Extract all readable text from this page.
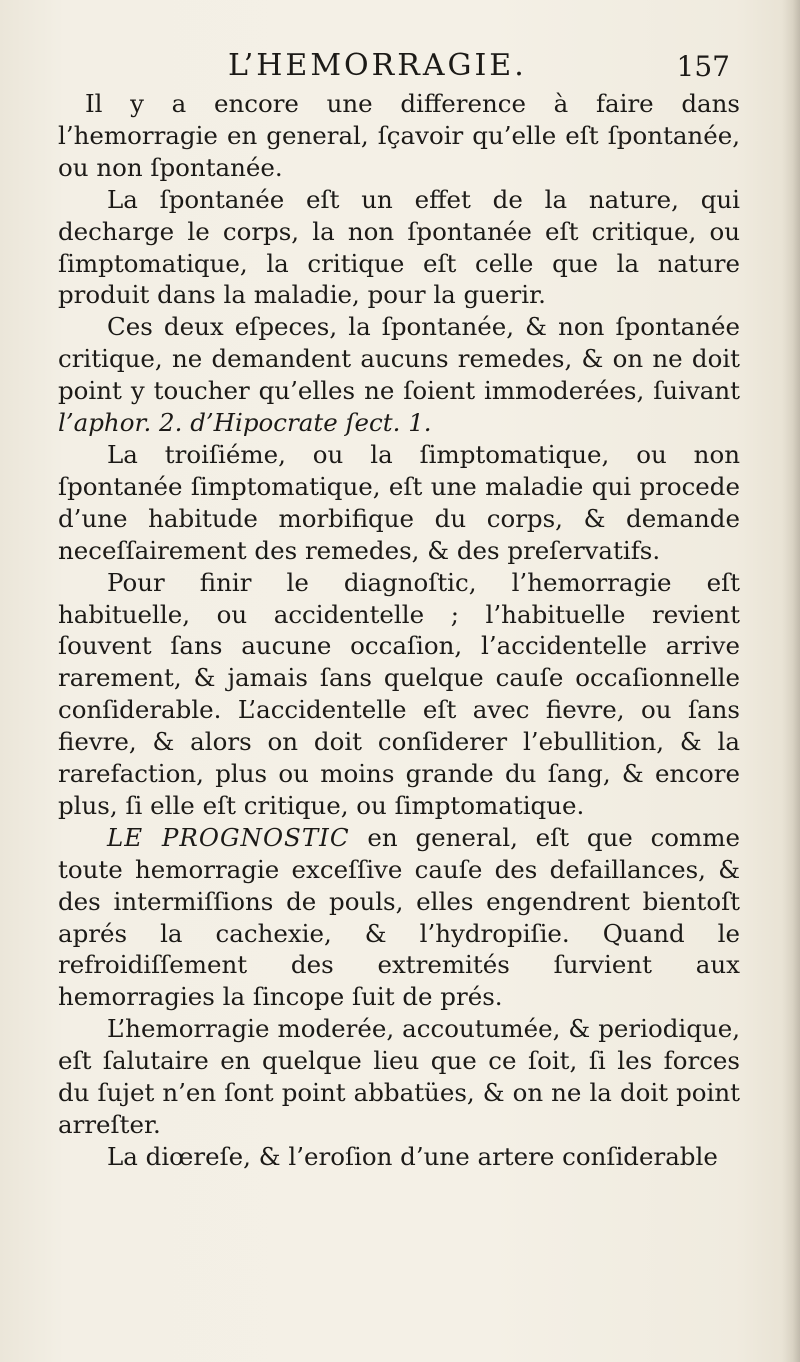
L’HEMORRAGIE.	157

Il y a encore une difference à faire dans l’hemorragie en general, ſçavoir qu’elle eſt ſpontanée, ou non ſpontanée.

La ſpontanée eſt un effet de la nature, qui decharge le corps, la non ſpontanée eſt critique, ou ſimptomatique, la critique eſt celle que la nature produit dans la maladie, pour la guerir.

Ces deux eſpeces, la ſpontanée, & non ſpontanée critique, ne demandent aucuns remedes, & on ne doit point y toucher qu’elles ne ſoient immoderées, ſuivant l’aphor. 2. d’Hipocrate ſect. 1.

La troiſiéme, ou la ſimptomatique, ou non ſpontanée ſimptomatique, eſt une maladie qui procede d’une habitude morbifique du corps, & demande neceſſairement des remedes, & des preſervatifs.

Pour finir le diagnoſtic, l’hemorragie eſt habituelle, ou accidentelle ; l’habituelle revient ſouvent ſans aucune occaſion, l’accidentelle arrive rarement, & jamais ſans quelque cauſe occaſionnelle conſiderable. L’accidentelle eſt avec fievre, ou ſans fievre, & alors on doit conſiderer l’ebullition, & la rarefaction, plus ou moins grande du ſang, & encore plus, ſi elle eſt critique, ou ſimptomatique.

LE PROGNOSTIC en general, eſt que comme toute hemorragie exceſſive cauſe des defaillances, & des intermiſſions de pouls, elles engendrent bientoſt aprés la cachexie, & l’hydropiſie. Quand le refroidiſſement des extremités ſurvient aux hemorragies la ſincope ſuit de prés.

L’hemorragie moderée, accoutumée, & periodique, eſt ſalutaire en quelque lieu que ce ſoit, ſi les forces du ſujet n’en ſont point abbatües, & on ne la doit point arreſter.

La diœreſe, & l’eroſion d’une artere conſiderable
